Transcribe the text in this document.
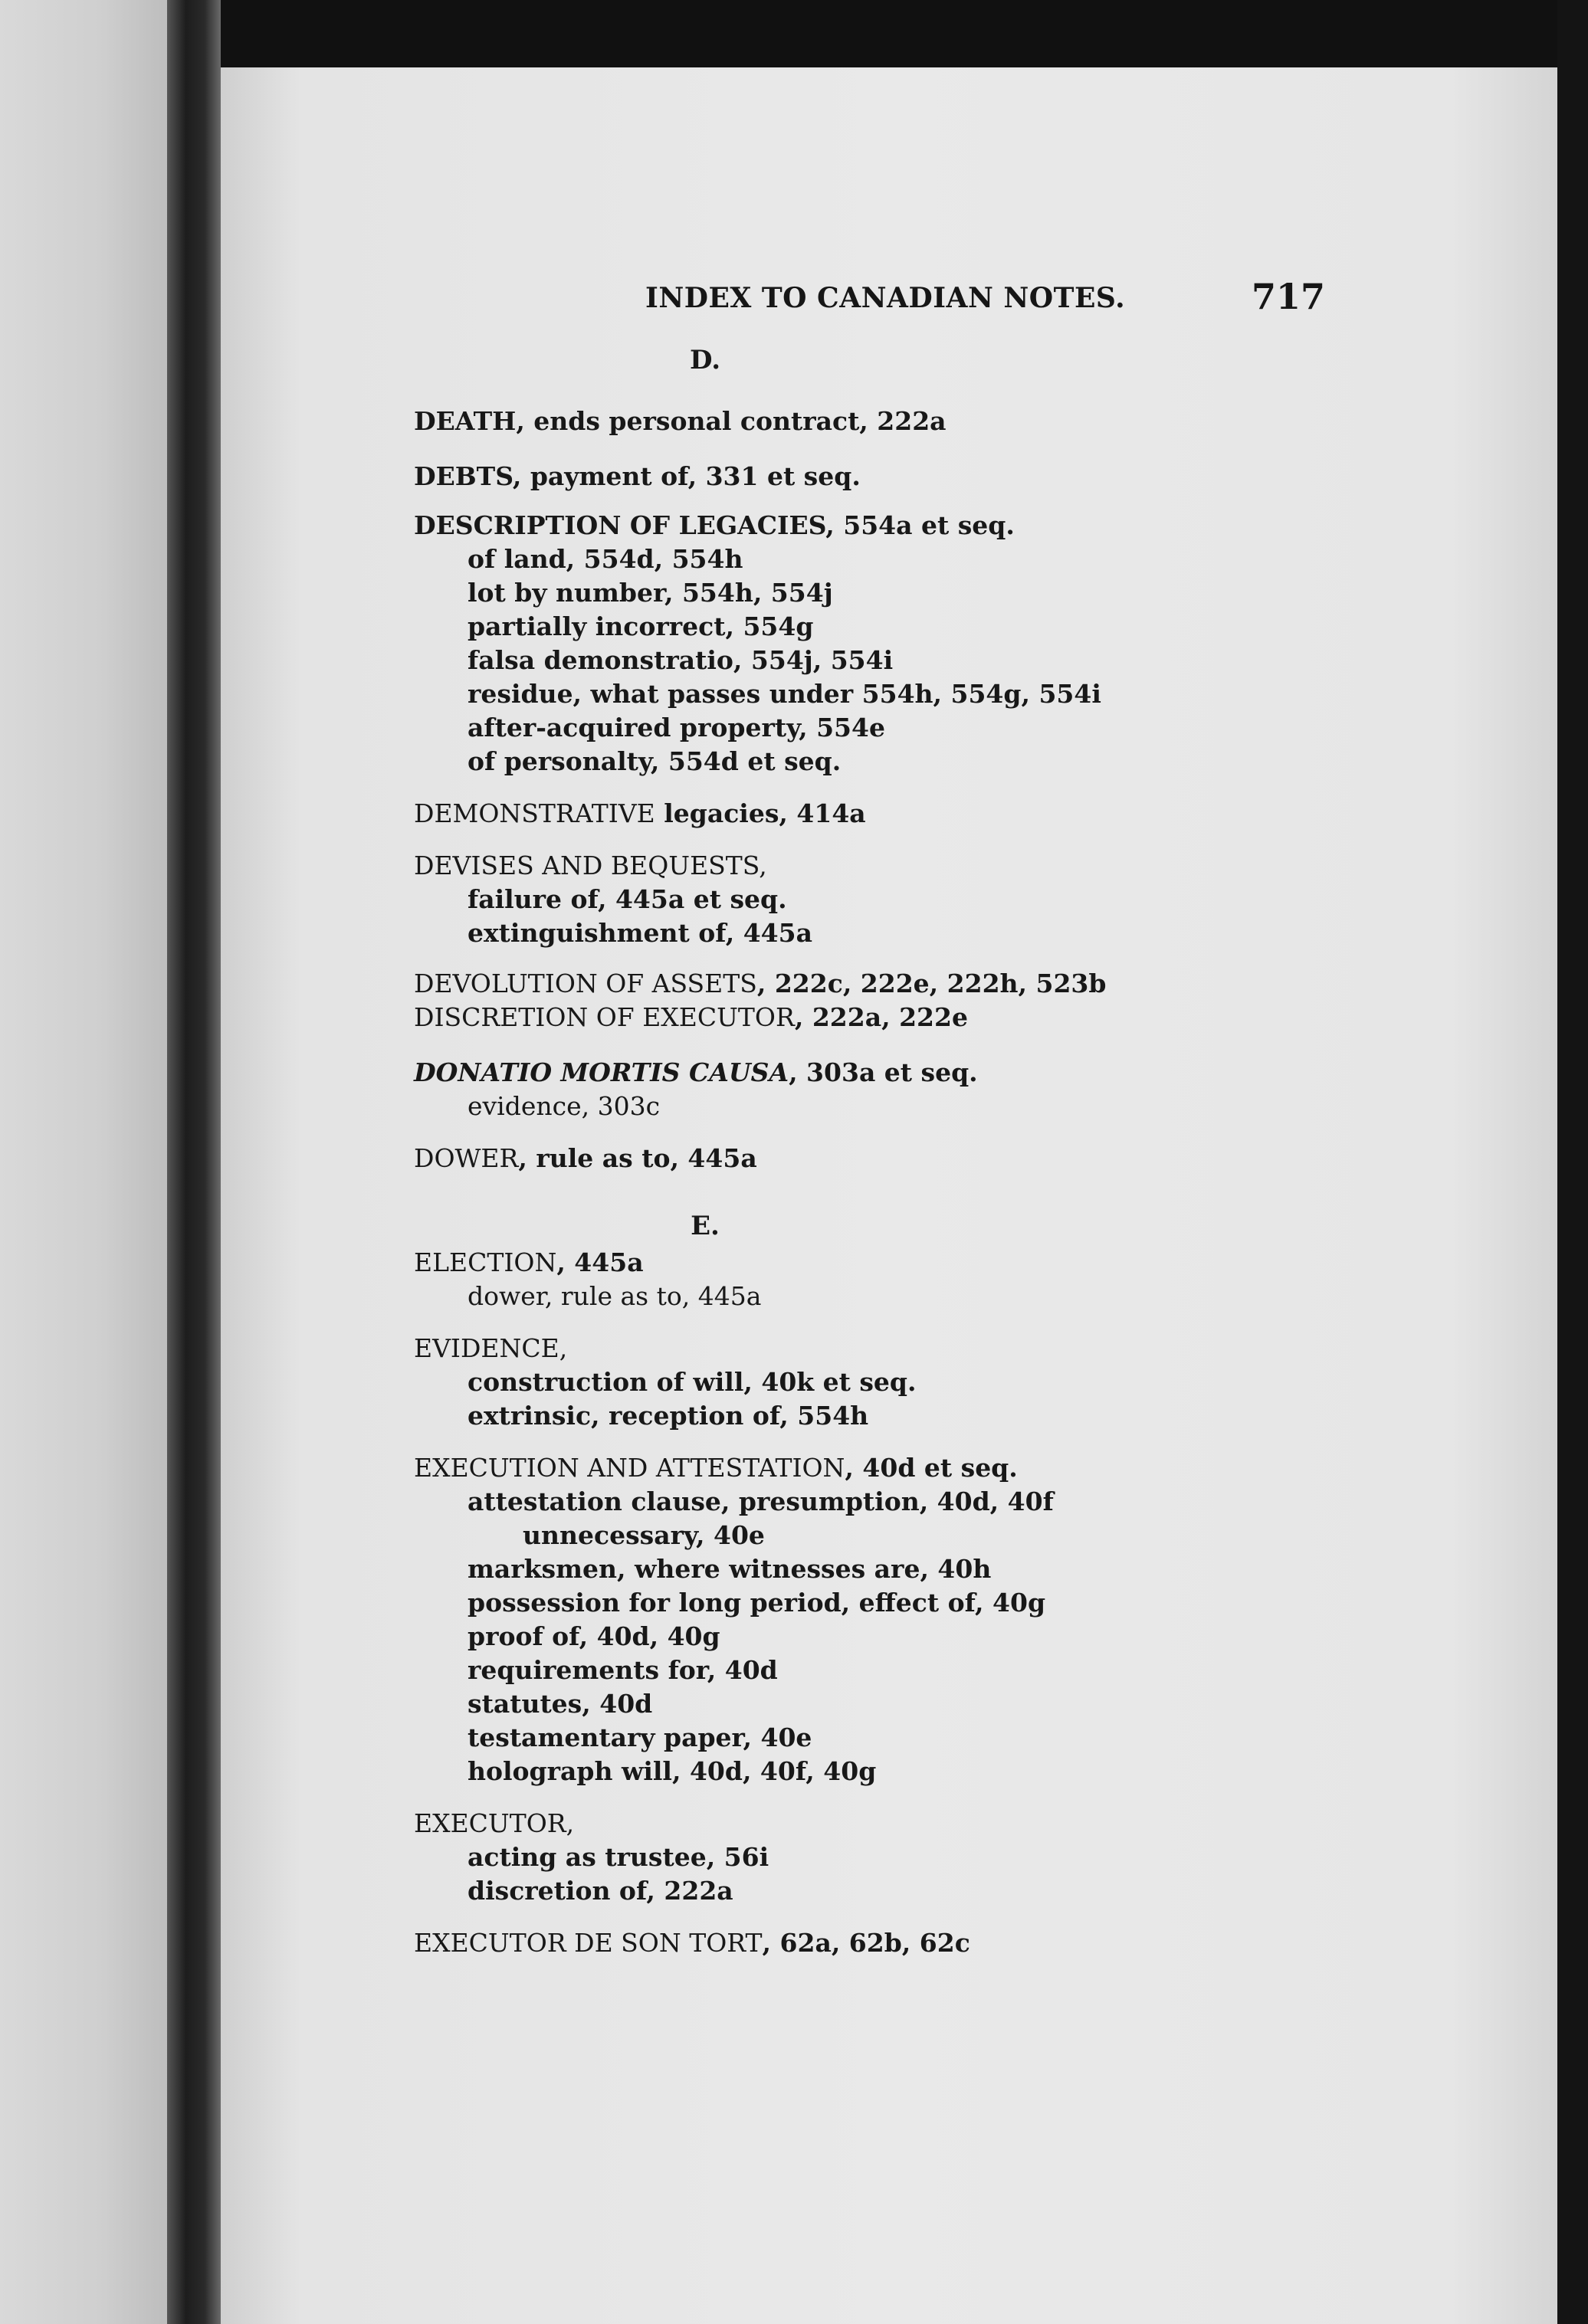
INDEX TO CANADIAN NOTES.	717
D.
DEATH, ends personal contract, 222a
DEBTS, payment of, 331 et seq.
DESCRIPTION OF LEGACIES, 554a et seq.
of land, 554d, 554h
lot by number, 554h, 554j
partially incorrect, 554g
falsa demonstratio, 554j, 554i
residue, what passes under 554h, 554g, 554i
after-acquired property, 554e
of personalty, 554d et seq.
DEMONSTRATIVE legacies, 414a
DEVISES AND BEQUESTS,
failure of, 445a et seq.
extinguishment of, 445a
DEVOLUTION OF ASSETS, 222c, 222e, 222h, 523b
DISCRETION OF EXECUTOR, 222a, 222e
DONATIO MORTIS CAUSA, 303a et seq.
evidence, 303c
DOWER, rule as to, 445a
E.
ELECTION, 445a
dower, rule as to, 445a
EVIDENCE,
construction of will, 40k et seq.
extrinsic, reception of, 554h
EXECUTION AND ATTESTATION, 40d et seq.
attestation clause, presumption, 40d, 40f
unnecessary, 40e
marksmen, where witnesses are, 40h
possession for long period, effect of, 40g
proof of, 40d, 40g
requirements for, 40d
statutes, 40d
testamentary paper, 40e
holograph will, 40d, 40f, 40g
EXECUTOR,
acting as trustee, 56i
discretion of, 222a
EXECUTOR DE SON TORT, 62a, 62b, 62c
